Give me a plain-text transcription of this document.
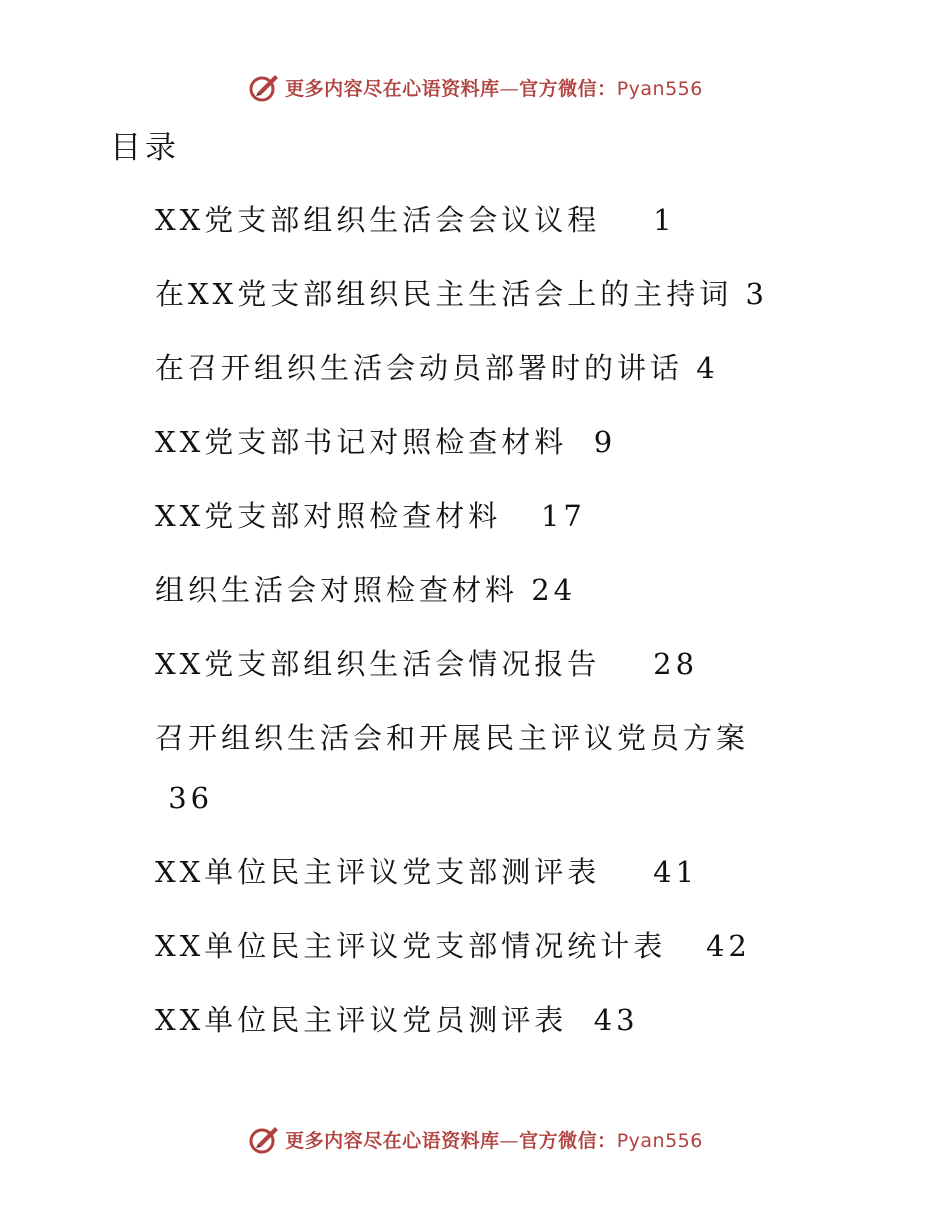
更多内容尽在心语资料库—官方微信：Pyan556
目录
XX党支部组织生活会会议议程 1
在XX党支部组织民主生活会上的主持词 3
在召开组织生活会动员部署时的讲话 4
XX党支部书记对照检查材料 9
XX党支部对照检查材料 17
组织生活会对照检查材料 24
XX党支部组织生活会情况报告 28
召开组织生活会和开展民主评议党员方案 36
XX单位民主评议党支部测评表 41
XX单位民主评议党支部情况统计表 42
XX单位民主评议党员测评表 43
更多内容尽在心语资料库—官方微信：Pyan556
